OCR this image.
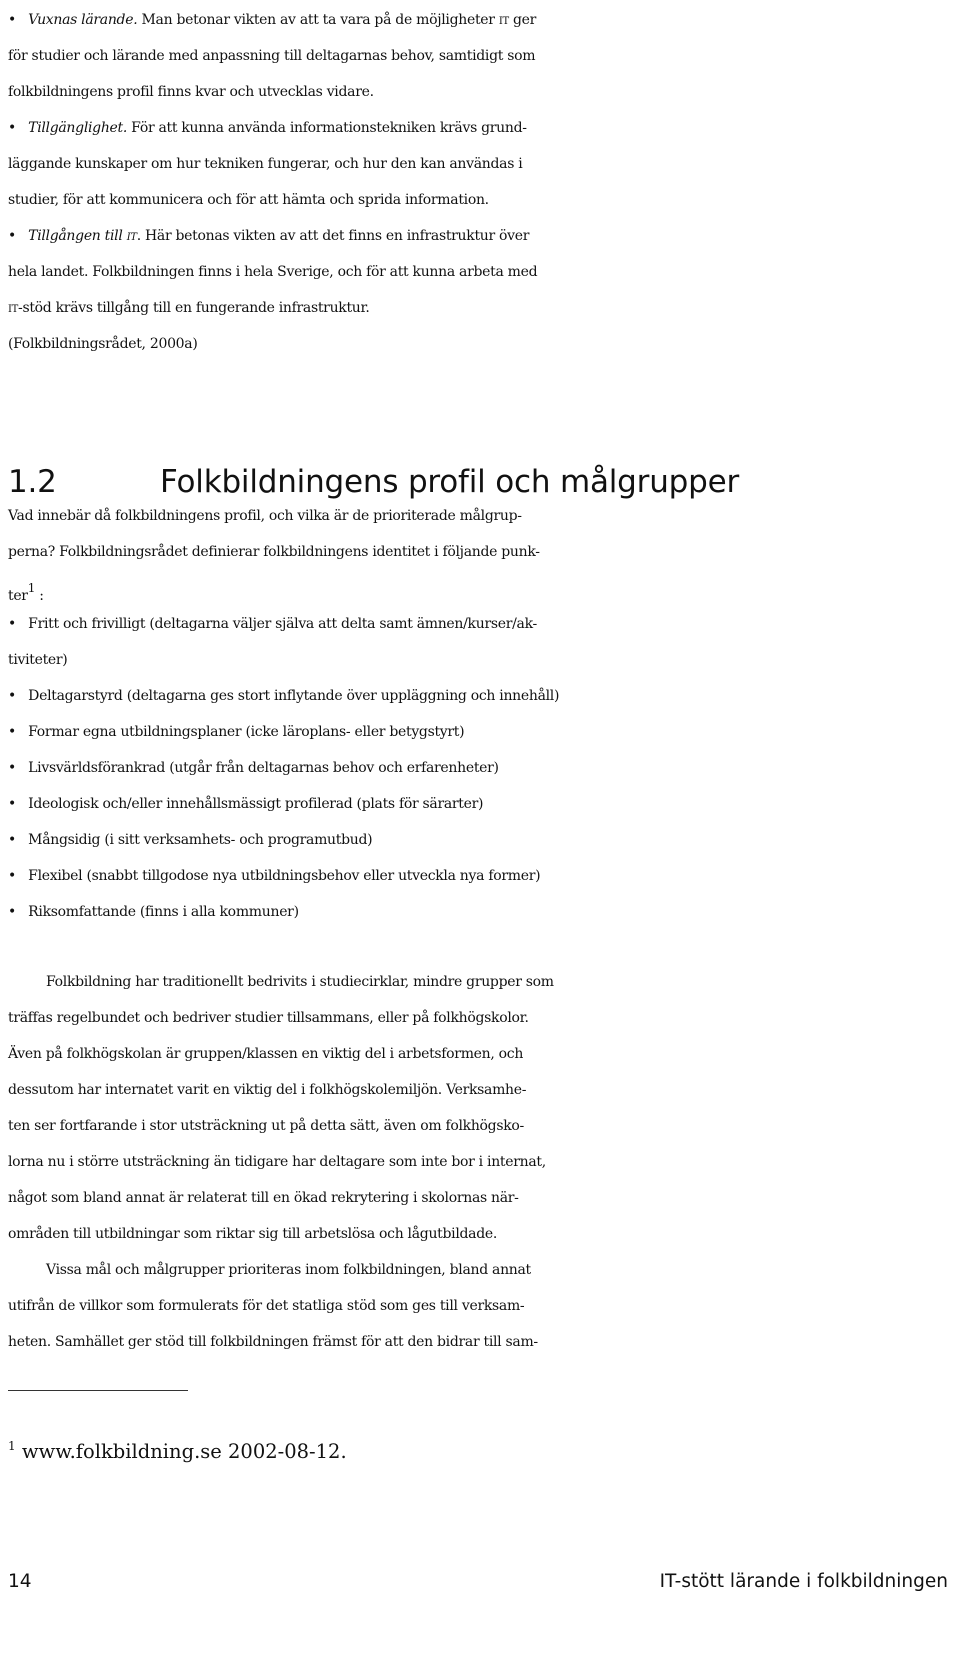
• Vuxnas lärande. Man betonar vikten av att ta vara på de möjligheter it ger
för studier och lärande med anpassning till deltagarnas behov, samtidigt som
folkbildningens profil finns kvar och utvecklas vidare.
• Tillgänglighet. För att kunna använda informationstekniken krävs grund-
läggande kunskaper om hur tekniken fungerar, och hur den kan användas i
studier, för att kommunicera och för att hämta och sprida information.
• Tillgången till it. Här betonas vikten av att det finns en infrastruktur över
hela landet. Folkbildningen finns i hela Sverige, och för att kunna arbeta med
it-stöd krävs tillgång till en fungerande infrastruktur.
(Folkbildningsrådet, 2000a)
1.2	Folkbildningens profil och målgrupper
Vad innebär då folkbildningens profil, och vilka är de prioriterade målgrup-
perna? Folkbildningsrådet definierar folkbildningens identitet i följande punk-
ter1 :
• Fritt och frivilligt (deltagarna väljer själva att delta samt ämnen/kurser/ak-
tiviteter)
• Deltagarstyrd (deltagarna ges stort inflytande över uppläggning och innehåll)
• Formar egna utbildningsplaner (icke läroplans- eller betygstyrt)
• Livsvärldsförankrad (utgår från deltagarnas behov och erfarenheter)
• Ideologisk och/eller innehållsmässigt profilerad (plats för särarter)
• Mångsidig (i sitt verksamhets- och programutbud)
• Flexibel (snabbt tillgodose nya utbildningsbehov eller utveckla nya former)
• Riksomfattande (finns i alla kommuner)
Folkbildning har traditionellt bedrivits i studiecirklar, mindre grupper som
träffas regelbundet och bedriver studier tillsammans, eller på folkhögskolor.
Även på folkhögskolan är gruppen/klassen en viktig del i arbetsformen, och
dessutom har internatet varit en viktig del i folkhögskolemiljön. Verksamhe-
ten ser fortfarande i stor utsträckning ut på detta sätt, även om folkhögsko-
lorna nu i större utsträckning än tidigare har deltagare som inte bor i internat,
något som bland annat är relaterat till en ökad rekrytering i skolornas när-
områden till utbildningar som riktar sig till arbetslösa och lågutbildade.
Vissa mål och målgrupper prioriteras inom folkbildningen, bland annat
utifrån de villkor som formulerats för det statliga stöd som ges till verksam-
heten. Samhället ger stöd till folkbildningen främst för att den bidrar till sam-
$^1$ www.folkbildning.se 2002-08-12.
14	IT-stött lärande i folkbildningen
